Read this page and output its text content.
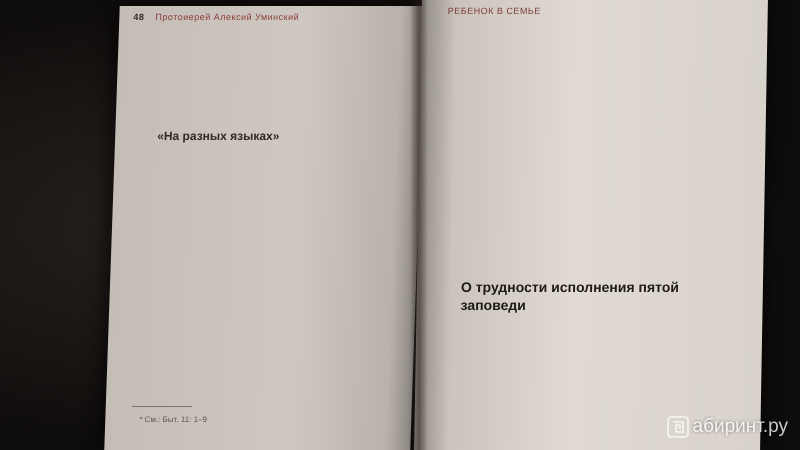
48 Протоиерей Алексий Уминский
«На разных языках»
* См.: Быт. 11: 1–9
РЕБЕНОК В СЕМЬЕ
О трудности исполнения пятой
заповеди
абиринт.ру
